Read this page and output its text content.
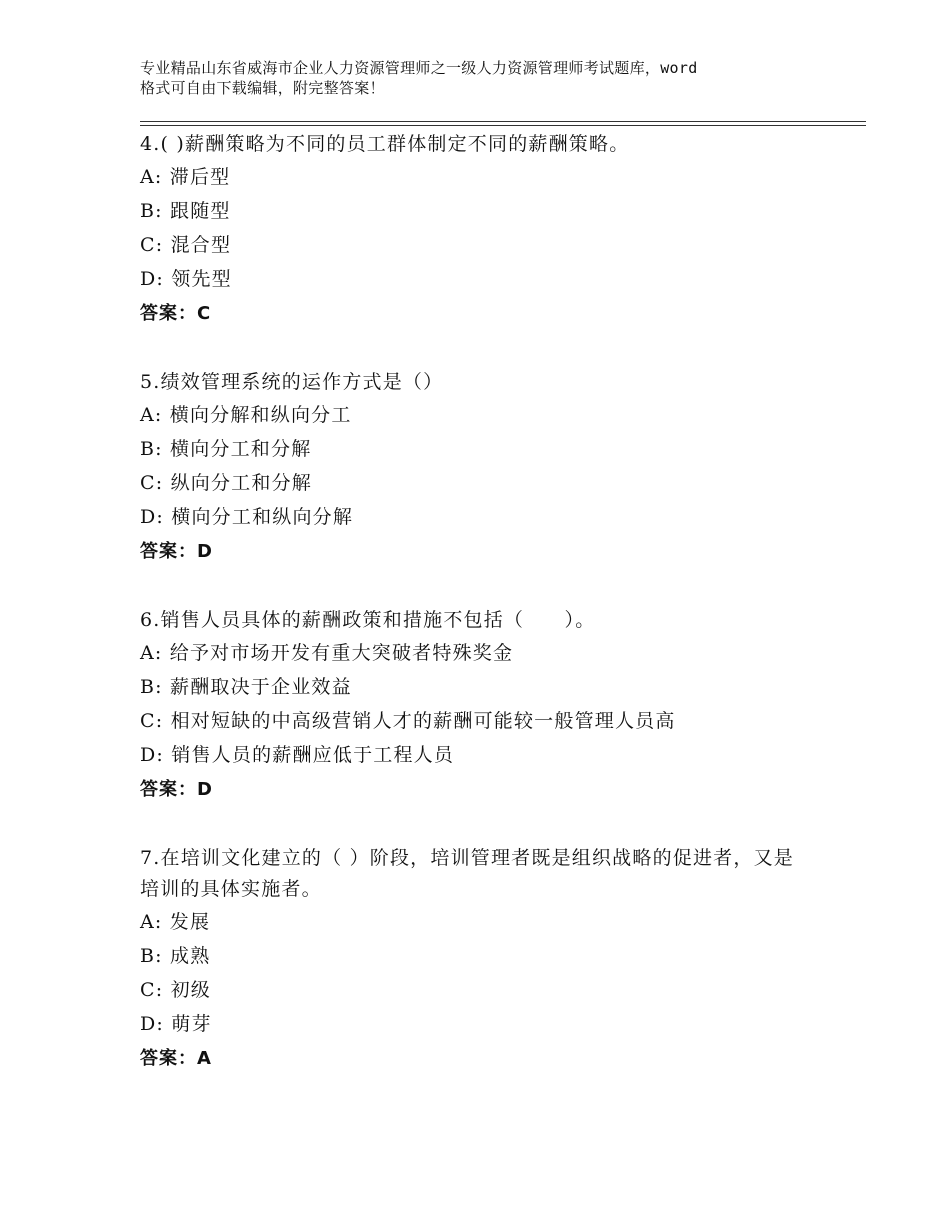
专业精品山东省威海市企业人力资源管理师之一级人力资源管理师考试题库，word
格式可自由下载编辑，附完整答案！
4.( )薪酬策略为不同的员工群体制定不同的薪酬策略。
A: 滞后型
B: 跟随型
C: 混合型
D: 领先型
答案：C
5.绩效管理系统的运作方式是（）
A: 横向分解和纵向分工
B: 横向分工和分解
C: 纵向分工和分解
D: 横向分工和纵向分解
答案：D
6.销售人员具体的薪酬政策和措施不包括（　　）。
A: 给予对市场开发有重大突破者特殊奖金
B: 薪酬取决于企业效益
C: 相对短缺的中高级营销人才的薪酬可能较一般管理人员高
D: 销售人员的薪酬应低于工程人员
答案：D
7.在培训文化建立的（ ）阶段，培训管理者既是组织战略的促进者，又是培训的具体实施者。
A: 发展
B: 成熟
C: 初级
D: 萌芽
答案：A
